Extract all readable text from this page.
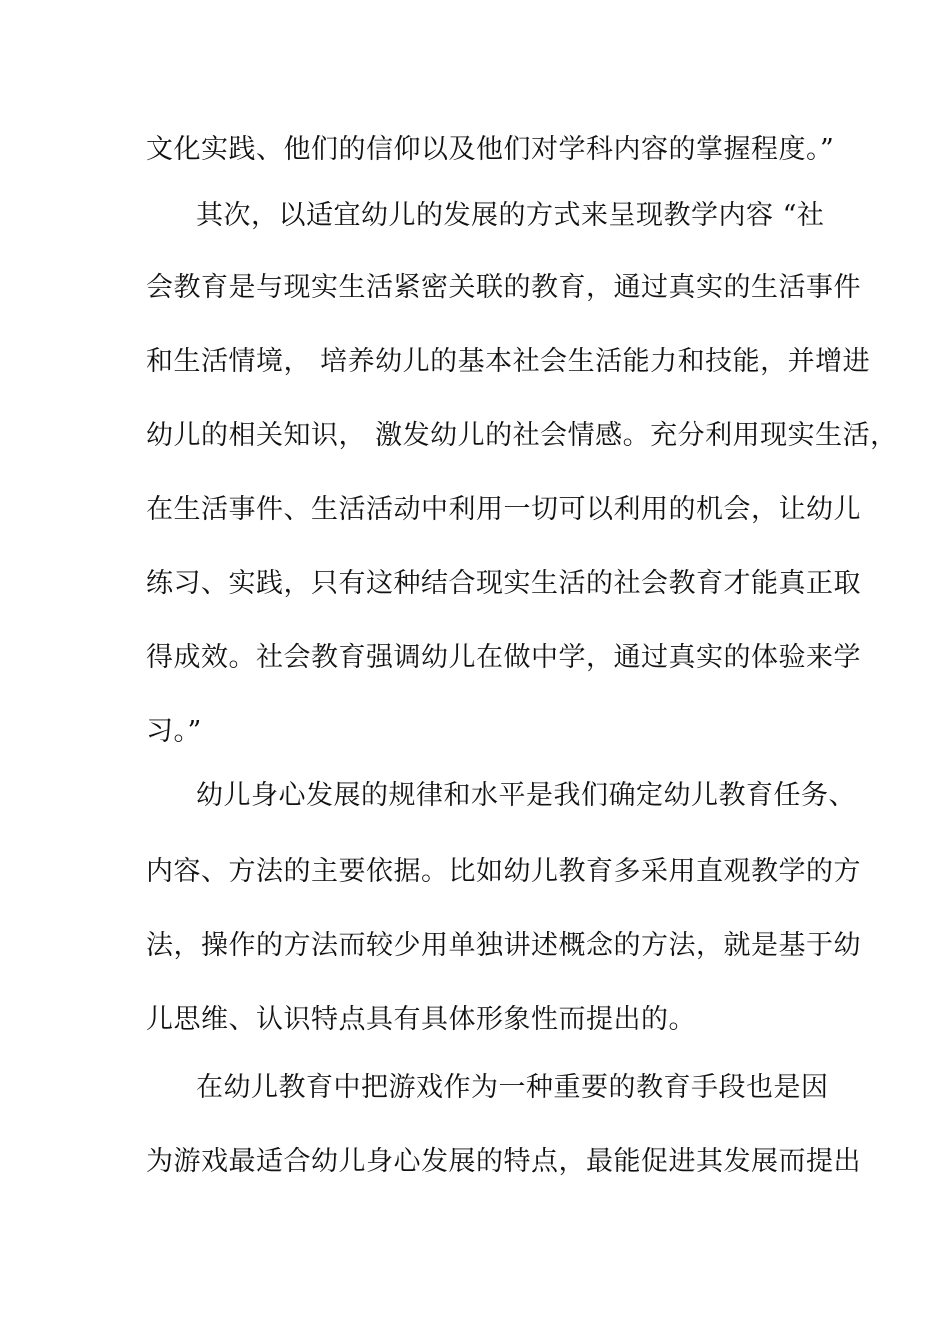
文化实践、他们的信仰以及他们对学科内容的掌握程度。”
其次，以适宜幼儿的发展的方式来呈现教学内容 “社
会教育是与现实生活紧密关联的教育，通过真实的生活事件
和生活情境， 培养幼儿的基本社会生活能力和技能，并增进
幼儿的相关知识， 激发幼儿的社会情感。充分利用现实生活，
在生活事件、生活活动中利用一切可以利用的机会，让幼儿
练习、实践，只有这种结合现实生活的社会教育才能真正取
得成效。社会教育强调幼儿在做中学，通过真实的体验来学
习。”
幼儿身心发展的规律和水平是我们确定幼儿教育任务、
内容、方法的主要依据。比如幼儿教育多采用直观教学的方
法，操作的方法而较少用单独讲述概念的方法，就是基于幼
儿思维、认识特点具有具体形象性而提出的。
在幼儿教育中把游戏作为一种重要的教育手段也是因
为游戏最适合幼儿身心发展的特点，最能促进其发展而提出
